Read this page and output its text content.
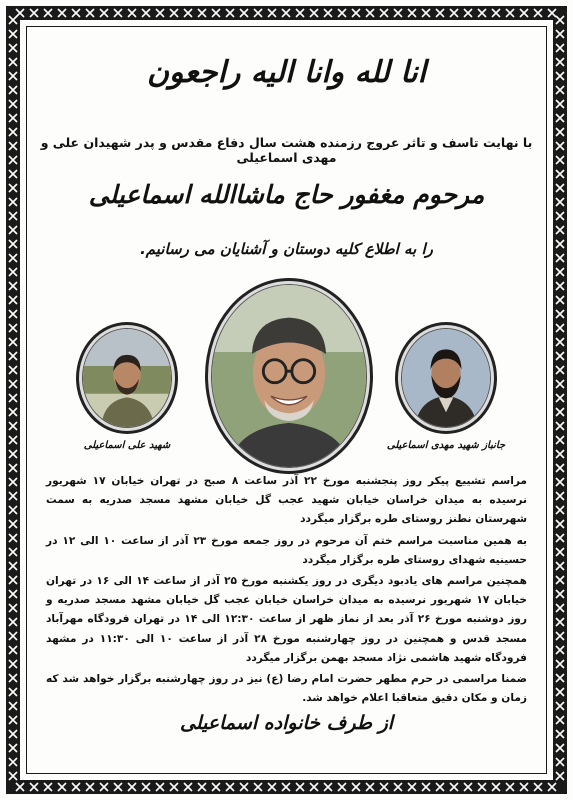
انا لله وانا الیه راجعون
با نهایت تاسف و تاثر عروج رزمنده هشت سال دفاع مقدس و پدر شهیدان علی و مهدی اسماعیلی
مرحوم مغفور حاج ماشاالله اسماعیلی
را به اطلاع کلیه دوستان و آشنایان می رسانیم.
شهید علی اسماعیلی	جانباز شهید مهدی اسماعیلی

مراسم تشییع پیکر روز پنجشنبه مورخ ۲۲ آذر ساعت ۸ صبح در تهران خیابان ۱۷ شهریور نرسیده به میدان خراسان خیابان شهید عجب گل خیابان مشهد مسجد صدریه به سمت شهرستان نطنز روستای طره برگزار میگردد

به همین مناسبت مراسم ختم آن مرحوم در روز جمعه مورخ ۲۳ آذر از ساعت ۱۰ الی ۱۲ در حسینیه شهدای روستای طره برگزار میگردد

همچنین مراسم های یادبود دیگری در روز یکشنبه مورخ ۲۵ آذر از ساعت ۱۴ الی ۱۶ در تهران خیابان ۱۷ شهریور نرسیده به میدان خراسان خیابان عجب گل خیابان مشهد مسجد صدریه و روز دوشنبه مورخ ۲۶ آذر بعد از نماز ظهر از ساعت ۱۲:۳۰ الی ۱۴ در تهران فرودگاه مهرآباد مسجد قدس و همچنین در روز چهارشنبه مورخ ۲۸ آذر از ساعت ۱۰ الی ۱۱:۳۰ در مشهد فرودگاه شهید هاشمی نژاد مسجد بهمن برگزار میگردد

ضمنا مراسمی در حرم مطهر حضرت امام رضا (ع) نیز در روز چهارشنبه برگزار خواهد شد که زمان و مکان دقیق متعاقبا اعلام خواهد شد.

از طرف خانواده اسماعیلی
